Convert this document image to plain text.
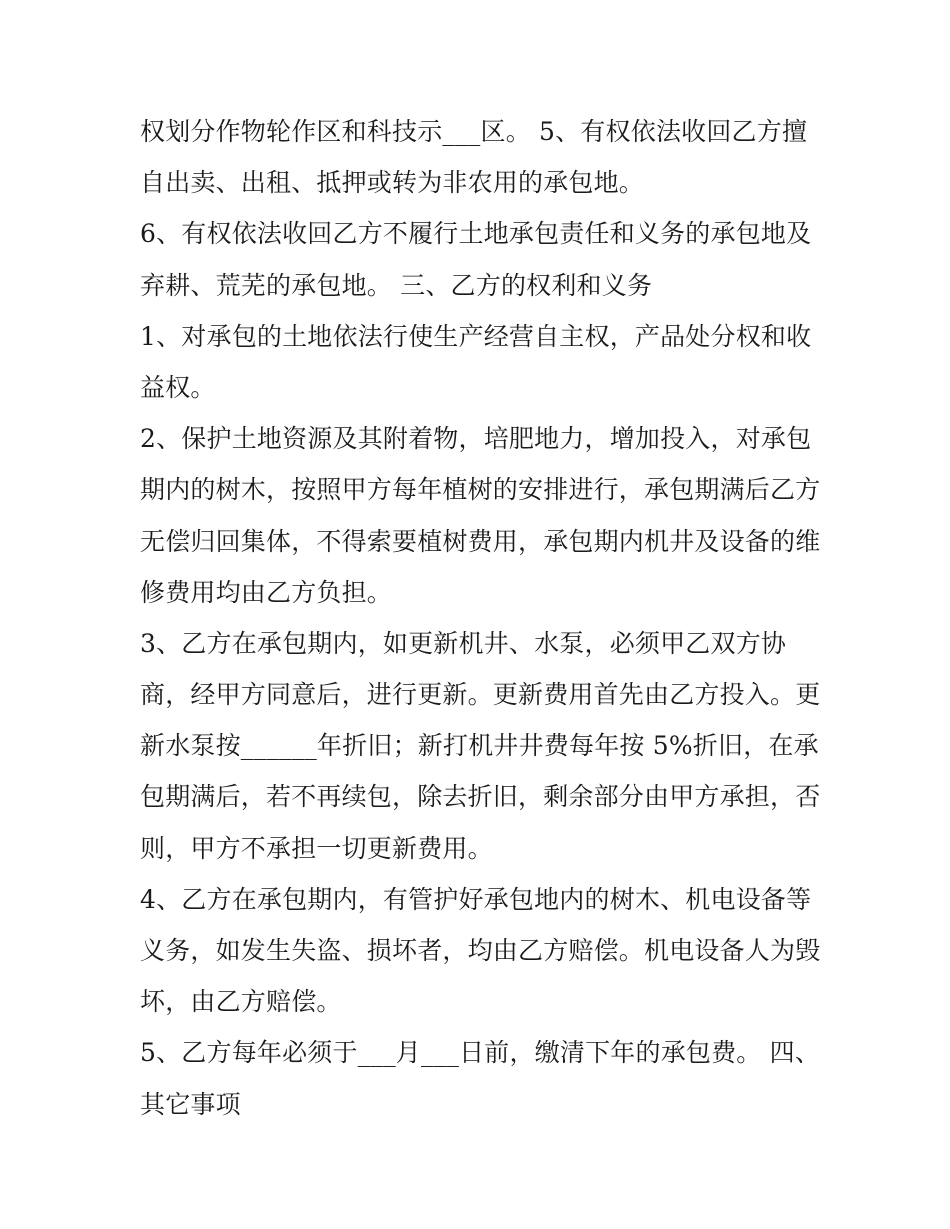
权划分作物轮作区和科技示___区。 5、有权依法收回乙方擅
自出卖、出租、抵押或转为非农用的承包地。
6、有权依法收回乙方不履行土地承包责任和义务的承包地及
弃耕、荒芜的承包地。 三、乙方的权利和义务
1、对承包的土地依法行使生产经营自主权，产品处分权和收
益权。
2、保护土地资源及其附着物，培肥地力，增加投入，对承包
期内的树木，按照甲方每年植树的安排进行，承包期满后乙方
无偿归回集体，不得索要植树费用，承包期内机井及设备的维
修费用均由乙方负担。
3、乙方在承包期内，如更新机井、水泵，必须甲乙双方协
商，经甲方同意后，进行更新。更新费用首先由乙方投入。更
新水泵按______年折旧；新打机井井费每年按 5%折旧，在承
包期满后，若不再续包，除去折旧，剩余部分由甲方承担，否
则，甲方不承担一切更新费用。
4、乙方在承包期内，有管护好承包地内的树木、机电设备等
义务，如发生失盗、损坏者，均由乙方赔偿。机电设备人为毁
坏，由乙方赔偿。
5、乙方每年必须于___月___日前，缴清下年的承包费。 四、
其它事项
